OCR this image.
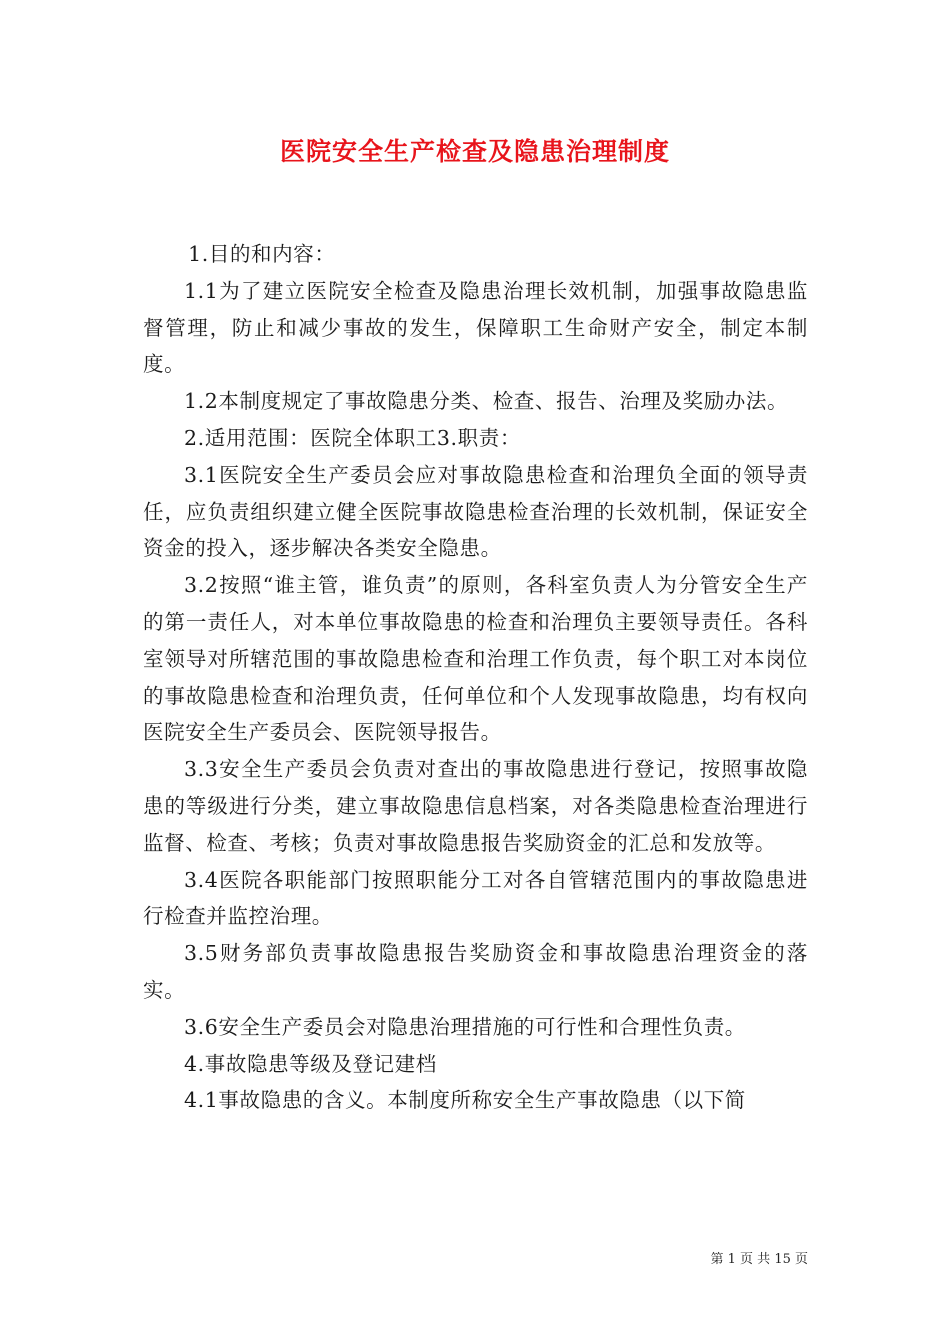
医院安全生产检查及隐患治理制度

1.目的和内容：

1.1为了建立医院安全检查及隐患治理长效机制，加强事故隐患监督管理，防止和减少事故的发生，保障职工生命财产安全，制定本制度。

1.2本制度规定了事故隐患分类、检查、报告、治理及奖励办法。

2.适用范围：医院全体职工3.职责：

3.1医院安全生产委员会应对事故隐患检查和治理负全面的领导责任，应负责组织建立健全医院事故隐患检查治理的长效机制，保证安全资金的投入，逐步解决各类安全隐患。

3.2按照“谁主管，谁负责”的原则，各科室负责人为分管安全生产的第一责任人，对本单位事故隐患的检查和治理负主要领导责任。各科室领导对所辖范围的事故隐患检查和治理工作负责，每个职工对本岗位的事故隐患检查和治理负责，任何单位和个人发现事故隐患，均有权向医院安全生产委员会、医院领导报告。

3.3安全生产委员会负责对查出的事故隐患进行登记，按照事故隐患的等级进行分类，建立事故隐患信息档案，对各类隐患检查治理进行监督、检查、考核；负责对事故隐患报告奖励资金的汇总和发放等。

3.4医院各职能部门按照职能分工对各自管辖范围内的事故隐患进行检查并监控治理。

3.5财务部负责事故隐患报告奖励资金和事故隐患治理资金的落实。

3.6安全生产委员会对隐患治理措施的可行性和合理性负责。

4.事故隐患等级及登记建档

4.1事故隐患的含义。本制度所称安全生产事故隐患（以下简

第 1 页 共 15 页
